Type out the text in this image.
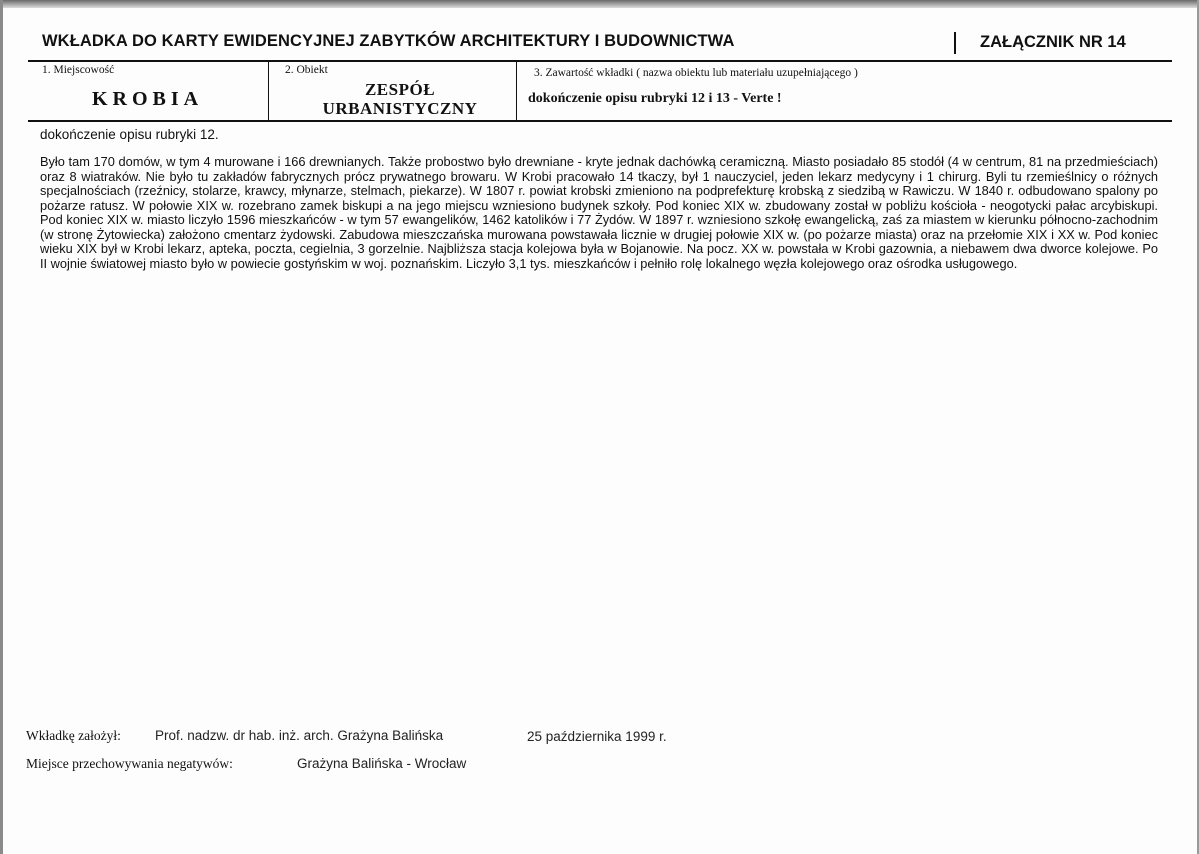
WKŁADKA DO KARTY EWIDENCYJNEJ ZABYTKÓW ARCHITEKTURY I BUDOWNICTWA	ZAŁĄCZNIK NR 14
1. Miejscowość
KROBIA
2. Obiekt
ZESPÓŁ
URBANISTYCZNY
3. Zawartość wkładki ( nazwa obiektu lub materiału uzupełniającego )
dokończenie opisu rubryki 12 i 13 - Verte !
dokończenie opisu rubryki 12.
Było tam 170 domów, w tym 4 murowane i 166 drewnianych. Także probostwo było drewniane - kryte jednak dachówką ceramiczną. Miasto posiadało 85 stodół (4 w centrum, 81 na przedmieściach) oraz 8 wiatraków. Nie było tu zakładów fabrycznych prócz prywatnego browaru. W Krobi pracowało 14 tkaczy, był 1 nauczyciel, jeden lekarz medycyny i 1 chirurg. Byli tu rzemieślnicy o różnych specjalnościach (rzeźnicy, stolarze, krawcy, młynarze, stelmach, piekarze). W 1807 r. powiat krobski zmieniono na podprefekturę krobską z siedzibą w Rawiczu. W 1840 r. odbudowano spalony po pożarze ratusz. W połowie XIX w. rozebrano zamek biskupi a na jego miejscu wzniesiono budynek szkoły. Pod koniec XIX w. zbudowany został w pobliżu kościoła - neogotycki pałac arcybiskupi. Pod koniec XIX w. miasto liczyło 1596 mieszkańców - w tym 57 ewangelików, 1462 katolików i 77 Żydów. W 1897 r. wzniesiono szkołę ewangelicką, zaś za miastem w kierunku północno-zachodnim (w stronę Żytowiecka) założono cmentarz żydowski. Zabudowa mieszczańska murowana powstawała licznie w drugiej połowie XIX w. (po pożarze miasta) oraz na przełomie XIX i XX w. Pod koniec wieku XIX był w Krobi lekarz, apteka, poczta, cegielnia, 3 gorzelnie. Najbliższa stacja kolejowa była w Bojanowie. Na pocz. XX w. powstała w Krobi gazownia, a niebawem dwa dworce kolejowe. Po II wojnie światowej miasto było w powiecie gostyńskim w woj. poznańskim. Liczyło 3,1 tys. mieszkańców i pełniło rolę lokalnego węzła kolejowego oraz ośrodka usługowego.
Wkładkę założył:	Prof. nadzw. dr hab. inż. arch. Grażyna Balińska	25 października 1999 r.
Miejsce przechowywania negatywów:	Grażyna Balińska - Wrocław
